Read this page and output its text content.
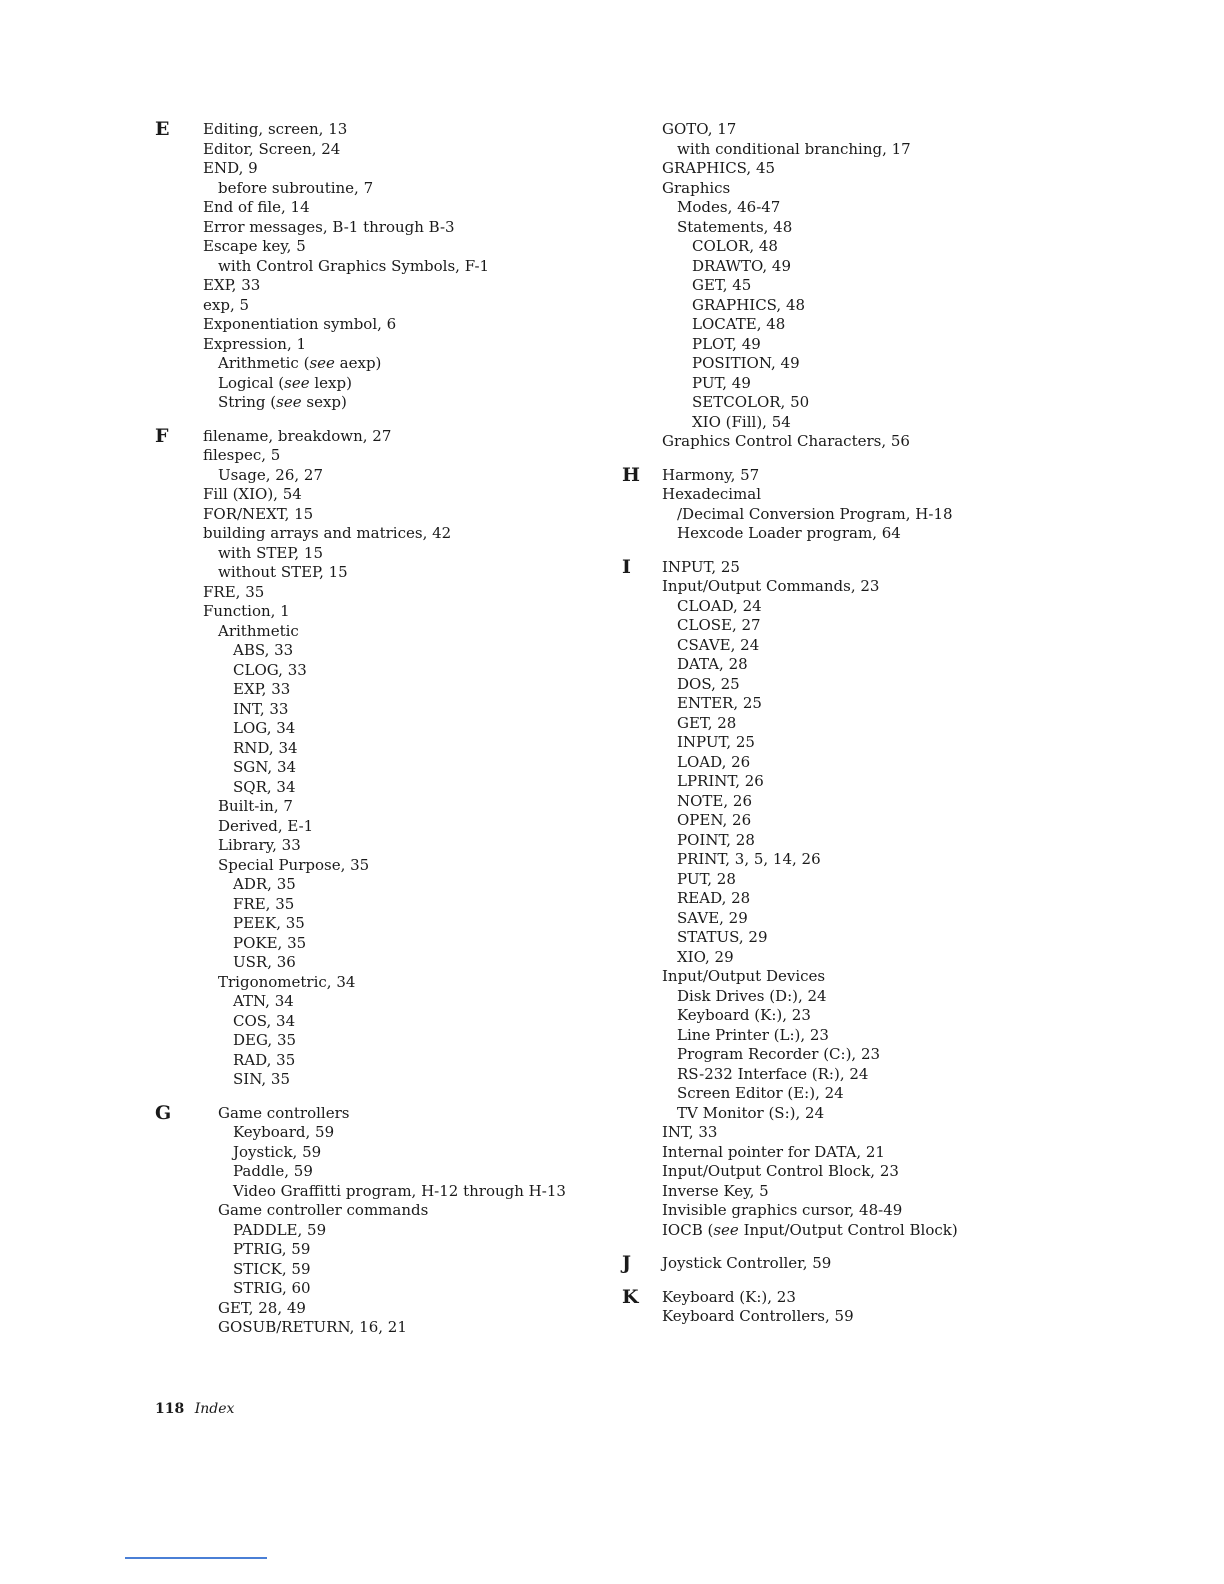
E Editing, screen, 13
Editor, Screen, 24
END, 9
before subroutine, 7
End of file, 14
Error messages, B-1 through B-3
Escape key, 5
with Control Graphics Symbols, F-1
EXP, 33
exp, 5
Exponentiation symbol, 6
Expression, 1
Arithmetic (see aexp)
Logical (see lexp)
String (see sexp)
F filename, breakdown, 27
filespec, 5
Usage, 26, 27
Fill (XIO), 54
FOR/NEXT, 15
building arrays and matrices, 42
with STEP, 15
without STEP, 15
FRE, 35
Function, 1
Arithmetic
ABS, 33
CLOG, 33
EXP, 33
INT, 33
LOG, 34
RND, 34
SGN, 34
SQR, 34
Built-in, 7
Derived, E-1
Library, 33
Special Purpose, 35
ADR, 35
FRE, 35
PEEK, 35
POKE, 35
USR, 36
Trigonometric, 34
ATN, 34
COS, 34
DEG, 35
RAD, 35
SIN, 35
G	Game controllers
Keyboard, 59
Joystick, 59
Paddle, 59
Video Graffitti program, H-12 through H-13
Game controller commands
PADDLE, 59
PTRIG, 59
STICK, 59
STRIG, 60
GET, 28, 49
GOSUB/RETURN, 16, 21
GOTO, 17
with conditional branching, 17
GRAPHICS, 45
Graphics
Modes, 46-47
Statements, 48
COLOR, 48
DRAWTO, 49
GET, 45
GRAPHICS, 48
LOCATE, 48
PLOT, 49
POSITION, 49
PUT, 49
SETCOLOR, 50
XIO (Fill), 54
Graphics Control Characters, 56
H Harmony, 57
Hexadecimal
/Decimal Conversion Program, H-18
Hexcode Loader program, 64
I INPUT, 25
Input/Output Commands, 23
CLOAD, 24
CLOSE, 27
CSAVE, 24
DATA, 28
DOS, 25
ENTER, 25
GET, 28
INPUT, 25
LOAD, 26
LPRINT, 26
NOTE, 26
OPEN, 26
POINT, 28
PRINT, 3, 5, 14, 26
PUT, 28
READ, 28
SAVE, 29
STATUS, 29
XIO, 29
Input/Output Devices
Disk Drives (D:), 24
Keyboard (K:), 23
Line Printer (L:), 23
Program Recorder (C:), 23
RS-232 Interface (R:), 24
Screen Editor (E:), 24
TV Monitor (S:), 24
INT, 33
Internal pointer for DATA, 21
Input/Output Control Block, 23
Inverse Key, 5
Invisible graphics cursor, 48-49
IOCB (see Input/Output Control Block)
J Joystick Controller, 59
K Keyboard (K:), 23
Keyboard Controllers, 59
118 Index
